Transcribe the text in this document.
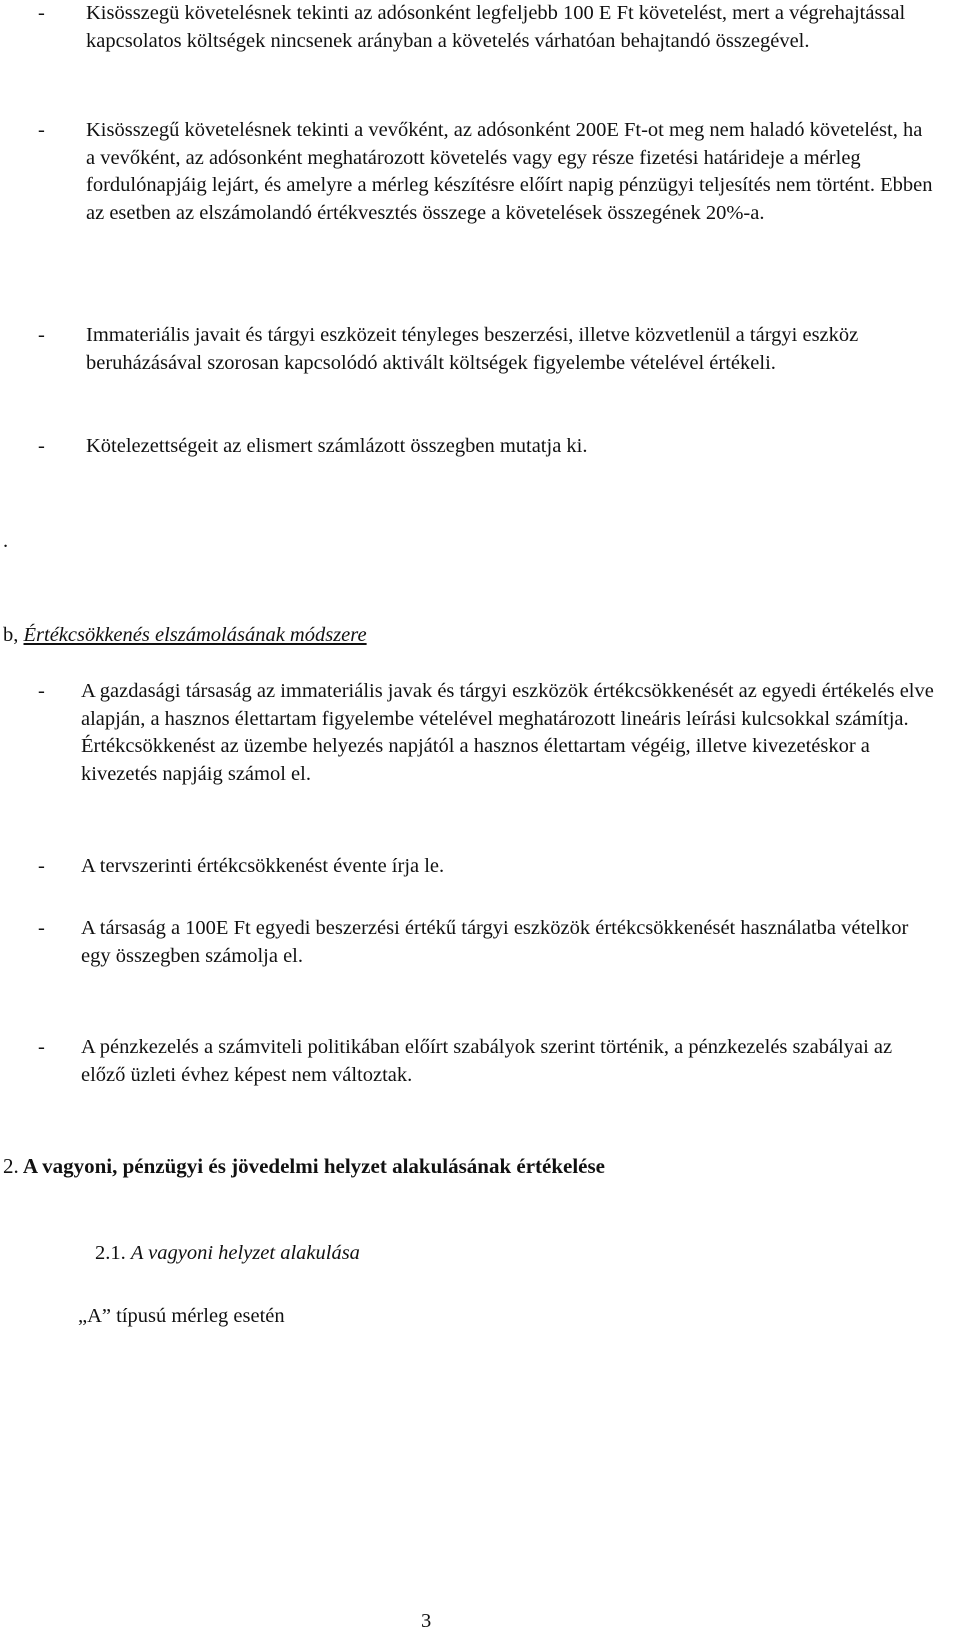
- Kisösszegü követelésnek tekinti az adósonként legfeljebb 100 E Ft követelést, mert a végrehajtással kapcsolatos költségek nincsenek arányban a követelés várhatóan behajtandó összegével.
- Kisösszegű követelésnek tekinti a vevőként, az adósonként 200E Ft-ot meg nem haladó követelést, ha a vevőként, az adósonként meghatározott követelés vagy egy része fizetési határideje a mérleg fordulónapjáig lejárt, és amelyre a mérleg készítésre előírt napig pénzügyi teljesítés nem történt. Ebben az esetben az elszámolandó értékvesztés összege a követelések összegének 20%-a.
- Immateriális javait és tárgyi eszközeit tényleges beszerzési, illetve közvetlenül a tárgyi eszköz beruházásával szorosan kapcsolódó aktivált költségek figyelembe vételével értékeli.
- Kötelezettségeit az elismert számlázott összegben mutatja ki.
.
b, Értékcsökkenés elszámolásának módszere
- A gazdasági társaság az immateriális javak és tárgyi eszközök értékcsökkenését az egyedi értékelés elve alapján, a hasznos élettartam figyelembe vételével meghatározott lineáris leírási kulcsokkal számítja. Értékcsökkenést az üzembe helyezés napjától a hasznos élettartam végéig, illetve kivezetéskor a kivezetés napjáig számol el.
- A tervszerinti értékcsökkenést évente írja le.
- A társaság a 100E Ft egyedi beszerzési értékű tárgyi eszközök értékcsökkenését használatba vételkor egy összegben számolja el.
- A pénzkezelés a számviteli politikában előírt szabályok szerint történik, a pénzkezelés szabályai az előző üzleti évhez képest nem változtak.
2. A vagyoni, pénzügyi és jövedelmi helyzet alakulásának értékelése
2.1. A vagyoni helyzet alakulása
„A” típusú mérleg esetén
3
